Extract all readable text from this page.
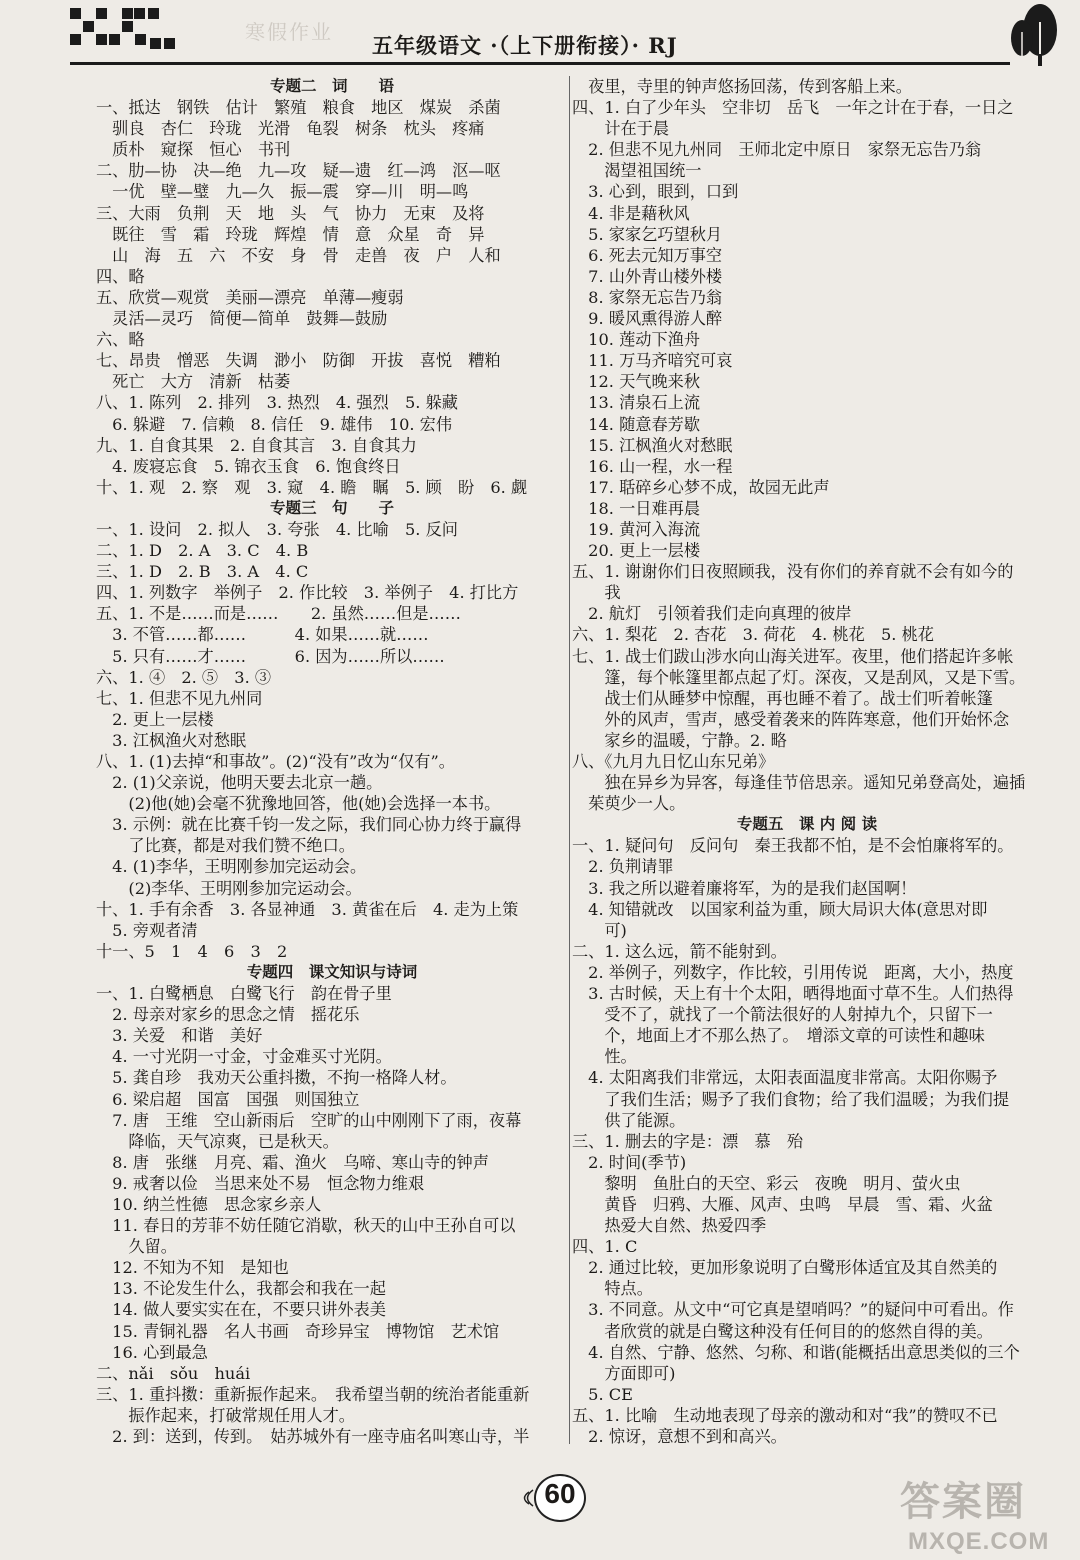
寒假作业
五年级语文 ·（上下册衔接）· RJ
专题二　词　　语
一、抵达　钢铁　估计　繁殖　粮食　地区　煤炭　杀菌
　驯良　杏仁　玲珑　光滑　龟裂　树条　枕头　疼痛
　质朴　窥探　恒心　书刊
二、肋—协　决—绝　九—攻　疑—遗　红—鸿　沤—呕
　一优　壁—璧　九—久　振—震　穿—川　明—鸣
三、大雨　负荆　天　地　头　气　协力　无束　及将
　既往　雪　霜　玲珑　辉煌　情　意　众星　奇　异
　山　海　五　六　不安　身　骨　走兽　夜　户　人和
四、略
五、欣赏—观赏　美丽—漂亮　单薄—瘦弱
　灵活—灵巧　简便—简单　鼓舞—鼓励
六、略
七、昂贵　憎恶　失调　渺小　防御　开拔　喜悦　糟粕
　死亡　大方　清新　枯萎
八、1. 陈列　2. 排列　3. 热烈　4. 强烈　5. 躲藏
　6. 躲避　7. 信赖　8. 信任　9. 雄伟　10. 宏伟
九、1. 自食其果　2. 自食其言　3. 自食其力
　4. 废寝忘食　5. 锦衣玉食　6. 饱食终日
十、1. 观　2. 察　观　3. 窥　4. 瞻　瞩　5. 顾　盼　6. 觑
专题三　句　　子
一、1. 设问　2. 拟人　3. 夸张　4. 比喻　5. 反问
二、1. D　2. A　3. C　4. B
三、1. D　2. B　3. A　4. C
四、1. 列数字　举例子　2. 作比较　3. 举例子　4. 打比方
五、1. 不是……而是……　　2. 虽然……但是……
　3. 不管……都……　　　4. 如果……就……
　5. 只有……才……　　　6. 因为……所以……
六、1. ④　2. ⑤　3. ③
七、1. 但悲不见九州同
　2. 更上一层楼
　3. 江枫渔火对愁眠
八、1. (1)去掉“和事故”。(2)“没有”改为“仅有”。
　2. (1)父亲说，他明天要去北京一趟。
　　(2)他(她)会毫不犹豫地回答，他(她)会选择一本书。
　3. 示例：就在比赛千钧一发之际，我们同心协力终于赢得
　　了比赛，都是对我们赞不绝口。
　4. (1)李华，王明刚参加完运动会。
　　(2)李华、王明刚参加完运动会。
十、1. 手有余香　3. 各显神通　3. 黄雀在后　4. 走为上策
　5. 旁观者清
十一、5　1　4　6　3　2
专题四　课文知识与诗词
一、1. 白鹭栖息　白鹭飞行　韵在骨子里
　2. 母亲对家乡的思念之情　摇花乐
　3. 关爱　和谐　美好
　4. 一寸光阴一寸金，寸金难买寸光阴。
　5. 龚自珍　我劝天公重抖擞，不拘一格降人材。
　6. 梁启超　国富　国强　则国独立
　7. 唐　王维　空山新雨后　空旷的山中刚刚下了雨，夜幕
　　降临，天气凉爽，已是秋天。
　8. 唐　张继　月亮、霜、渔火　乌啼、寒山寺的钟声
　9. 戒奢以俭　当思来处不易　恒念物力维艰
　10. 纳兰性德　思念家乡亲人
　11. 春日的芳菲不妨任随它消歇，秋天的山中王孙自可以
　　久留。
　12. 不知为不知　是知也
　13. 不论发生什么，我都会和我在一起
　14. 做人要实实在在，不要只讲外表美
　15. 青铜礼器　名人书画　奇珍异宝　博物馆　艺术馆
　16. 心到最急
二、nǎi　sǒu　huái
三、1. 重抖擞：重新振作起来。　我希望当朝的统治者能重新
　　振作起来，打破常规任用人才。
　2. 到：送到，传到。　姑苏城外有一座寺庙名叫寒山寺，半
　夜里，寺里的钟声悠扬回荡，传到客船上来。
四、1. 白了少年头　空非切　岳飞　一年之计在于春，一日之
　　计在于晨
　2. 但悲不见九州同　王师北定中原日　家祭无忘告乃翁
　　渴望祖国统一
　3. 心到，眼到，口到
　4. 非是藉秋风
　5. 家家乞巧望秋月
　6. 死去元知万事空
　7. 山外青山楼外楼
　8. 家祭无忘告乃翁
　9. 暖风熏得游人醉
　10. 莲动下渔舟
　11. 万马齐喑究可哀
　12. 天气晚来秋
　13. 清泉石上流
　14. 随意春芳歇
　15. 江枫渔火对愁眠
　16. 山一程，水一程
　17. 聒碎乡心梦不成，故园无此声
　18. 一日难再晨
　19. 黄河入海流
　20. 更上一层楼
五、1. 谢谢你们日夜照顾我，没有你们的养育就不会有如今的
　　我
　2. 航灯　引领着我们走向真理的彼岸
六、1. 梨花　2. 杏花　3. 荷花　4. 桃花　5. 桃花
七、1. 战士们跋山涉水向山海关进军。夜里，他们搭起许多帐
　　篷，每个帐篷里都点起了灯。深夜，又是刮风，又是下雪。
　　战士们从睡梦中惊醒，再也睡不着了。战士们听着帐篷
　　外的风声，雪声，感受着袭来的阵阵寒意，他们开始怀念
　　家乡的温暖，宁静。2. 略
八、《九月九日忆山东兄弟》
　　独在异乡为异客，每逢佳节倍思亲。遥知兄弟登高处，遍插
　茱萸少一人。
专题五　课 内 阅 读
一、1. 疑问句　反问句　秦王我都不怕，是不会怕廉将军的。
　2. 负荆请罪
　3. 我之所以避着廉将军，为的是我们赵国啊！
　4. 知错就改　以国家利益为重，顾大局识大体(意思对即
　　可)
二、1. 这么远，箭不能射到。
　2. 举例子，列数字，作比较，引用传说　距离，大小，热度
　3. 古时候，天上有十个太阳，晒得地面寸草不生。人们热得
　　受不了，就找了一个箭法很好的人射掉九个，只留下一
　　个，地面上才不那么热了。　增添文章的可读性和趣味
　　性。
　4. 太阳离我们非常远，太阳表面温度非常高。太阳你赐予
　　了我们生活；赐予了我们食物；给了我们温暖；为我们提
　　供了能源。
三、1. 删去的字是：漂　慕　殆
　2. 时间(季节)
　　黎明　鱼肚白的天空、彩云　夜晚　明月、萤火虫
　　黄昏　归鸦、大雁、风声、虫鸣　早晨　雪、霜、火盆
　　热爱大自然、热爱四季
四、1. C
　2. 通过比较，更加形象说明了白鹭形体适宜及其自然美的
　　特点。
　3. 不同意。从文中“可它真是望哨吗？”的疑问中可看出。作
　　者欣赏的就是白鹭这种没有任何目的的悠然自得的美。
　4. 自然、宁静、悠然、匀称、和谐(能概括出意思类似的三个
　　方面即可)
　5. CE
五、1. 比喻　生动地表现了母亲的激动和对“我”的赞叹不已
　2. 惊讶，意想不到和高兴。
60	答案圈
MXQE.COM
